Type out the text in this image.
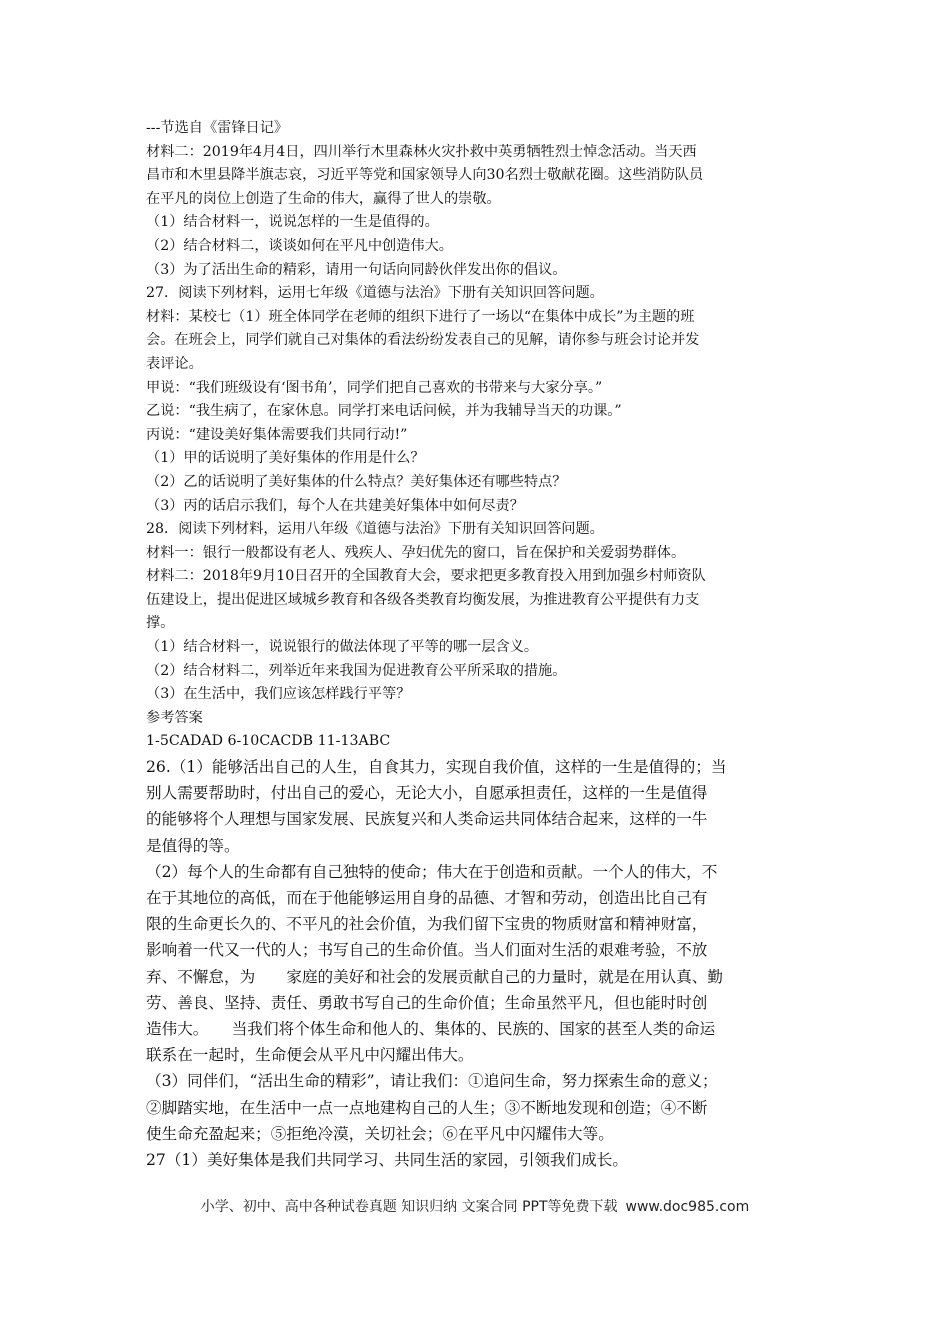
---节选自《雷锋日记》
材料二：2019年4月4日，四川举行木里森林火灾扑救中英勇牺牲烈士悼念活动。当天西
昌市和木里县降半旗志哀，习近平等党和国家领导人向30名烈士敬献花圈。这些消防队员
在平凡的岗位上创造了生命的伟大，赢得了世人的崇敬。
（1）结合材料一，说说怎样的一生是值得的。
（2）结合材料二，谈谈如何在平凡中创造伟大。
（3）为了活出生命的精彩，请用一句话向同龄伙伴发出你的倡议。
27．阅读下列材料，运用七年级《道德与法治》下册有关知识回答问题。
材料：某校七（1）班全体同学在老师的组织下进行了一场以“在集体中成长”为主题的班
会。在班会上，同学们就自己对集体的看法纷纷发表自己的见解，请你参与班会讨论并发
表评论。
甲说：“我们班级设有‘图书角’，同学们把自己喜欢的书带来与大家分享。”
乙说：“我生病了，在家休息。同学打来电话问候，并为我辅导当天的功课。”
丙说：“建设美好集体需要我们共同行动!”
（1）甲的话说明了美好集体的作用是什么？
（2）乙的话说明了美好集体的什么特点？美好集体还有哪些特点？
（3）丙的话启示我们，每个人在共建美好集体中如何尽责？
28．阅读下列材料，运用八年级《道德与法治》下册有关知识回答问题。
材料一：银行一般都设有老人、残疾人、孕妇优先的窗口，旨在保护和关爱弱势群体。
材料二：2018年9月10日召开的全国教育大会，要求把更多教育投入用到加强乡村师资队
伍建设上，提出促进区域城乡教育和各级各类教育均衡发展，为推进教育公平提供有力支
撑。
（1）结合材料一，说说银行的做法体现了平等的哪一层含义。
（2）结合材料二，列举近年来我国为促进教育公平所采取的措施。
（3）在生活中，我们应该怎样践行平等？
参考答案
1-5CADAD 6-10CACDB 11-13ABC
26.（1）能够活出自己的人生，自食其力，实现自我价值，这样的一生是值得的；当
别人需要帮助时，付出自己的爱心，无论大小，自愿承担责任，这样的一生是值得
的能够将个人理想与国家发展、民族复兴和人类命运共同体结合起来，这样的一牛
是值得的等。
（2）每个人的生命都有自己独特的使命；伟大在于创造和贡献。一个人的伟大，不
在于其地位的高低，而在于他能够运用自身的品德、才智和劳动，创造出比自己有
限的生命更长久的、不平凡的社会价值，为我们留下宝贵的物质财富和精神财富，
影响着一代又一代的人；书写自己的生命价值。当人们面对生活的艰难考验，不放
弃、不懈怠，为　　家庭的美好和社会的发展贡献自己的力量时，就是在用认真、勤
劳、善良、坚持、责任、勇敢书写自己的生命价值；生命虽然平凡，但也能时时创
造伟大。　　当我们将个体生命和他人的、集体的、民族的、国家的甚至人类的命运
联系在一起时，生命便会从平凡中闪耀出伟大。
（3）同伴们，“活出生命的精彩”，请让我们：①追问生命，努力探索生命的意义；
②脚踏实地，在生活中一点一点地建构自己的人生；③不断地发现和创造；④不断
使生命充盈起来；⑤拒绝冷漠，关切社会；⑥在平凡中闪耀伟大等。
27（1）美好集体是我们共同学习、共同生活的家园，引领我们成长。
小学、初中、高中各种试卷真题 知识归纳 文案合同 PPT等免费下载 www.doc985.com
